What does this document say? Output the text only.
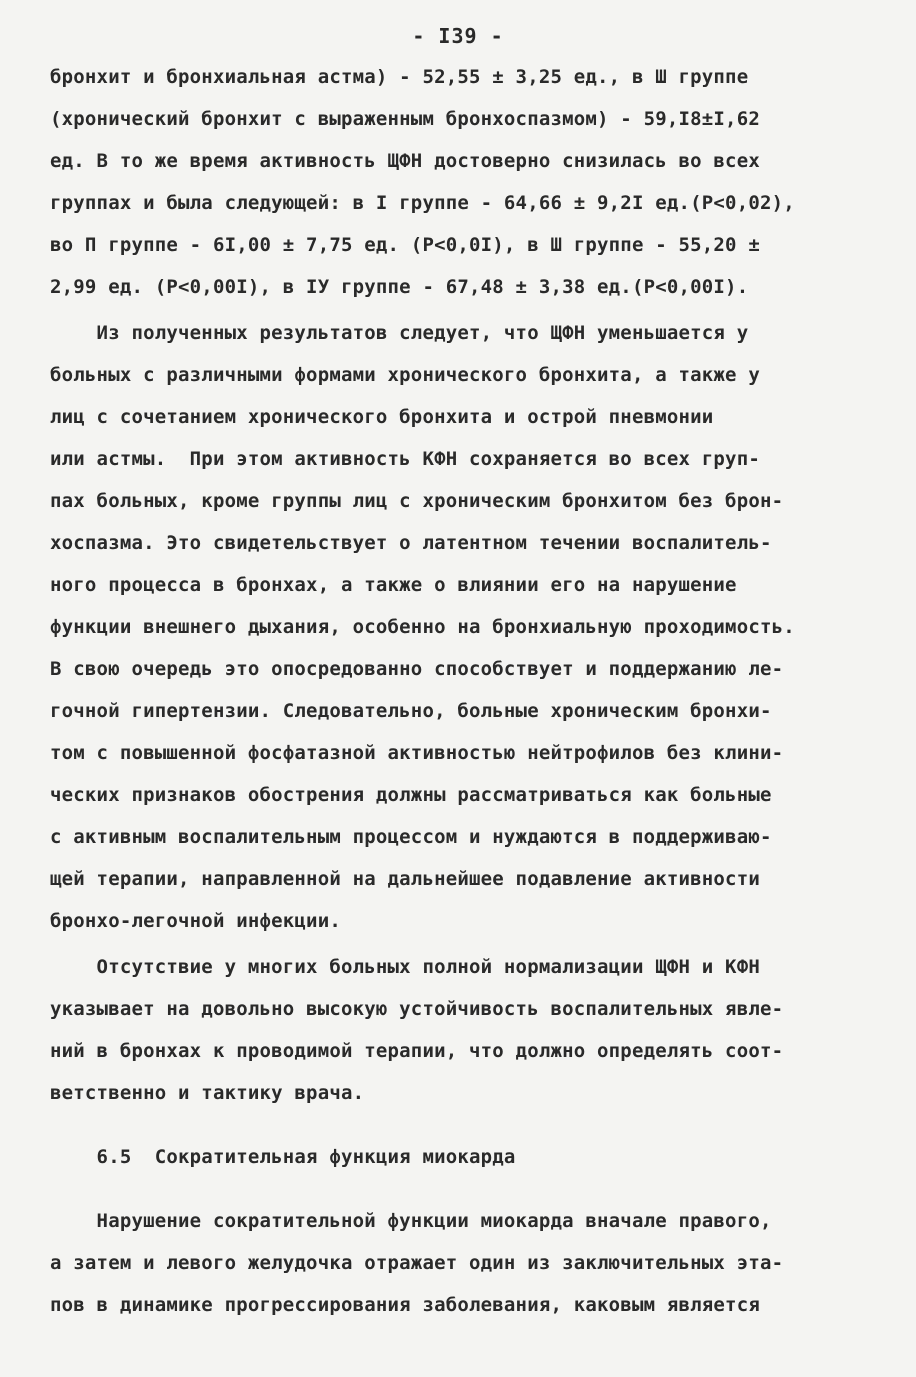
- I39 -
бронхит и бронхиальная астма) - 52,55 ± 3,25 ед., в Ш группе
(хронический бронхит с выраженным бронхоспазмом) - 59,I8±I,62
ед. В то же время активность ЩФН достоверно снизилась во всех
группах и была следующей: в I группе - 64,66 ± 9,2I ед.(Р<0,02),
во П группе - 6I,00 ± 7,75 ед. (Р<0,0I), в Ш группе - 55,20 ±
2,99 ед. (Р<0,00I), в IУ группе - 67,48 ± 3,38 ед.(Р<0,00I).
Из полученных результатов следует, что ЩФН уменьшается у
больных с различными формами хронического бронхита, а также у
лиц с сочетанием хронического бронхита и острой пневмонии
или астмы.  При этом активность КФН сохраняется во всех груп-
пах больных, кроме группы лиц с хроническим бронхитом без брон-
хоспазма. Это свидетельствует о латентном течении воспалитель-
ного процесса в бронхах, а также о влиянии его на нарушение
функции внешнего дыхания, особенно на бронхиальную проходимость.
В свою очередь это опосредованно способствует и поддержанию ле-
гочной гипертензии. Следовательно, больные хроническим бронхи-
том с повышенной фосфатазной активностью нейтрофилов без клини-
ческих признаков обострения должны рассматриваться как больные
с активным воспалительным процессом и нуждаются в поддерживаю-
щей терапии, направленной на дальнейшее подавление активности
бронхо-легочной инфекции.
Отсутствие у многих больных полной нормализации ЩФН и КФН
указывает на довольно высокую устойчивость воспалительных явле-
ний в бронхах к проводимой терапии, что должно определять соот-
ветственно и тактику врача.
6.5  Сократительная функция миокарда
Нарушение сократительной функции миокарда вначале правого,
а затем и левого желудочка отражает один из заключительных эта-
пов в динамике прогрессирования заболевания, каковым является
